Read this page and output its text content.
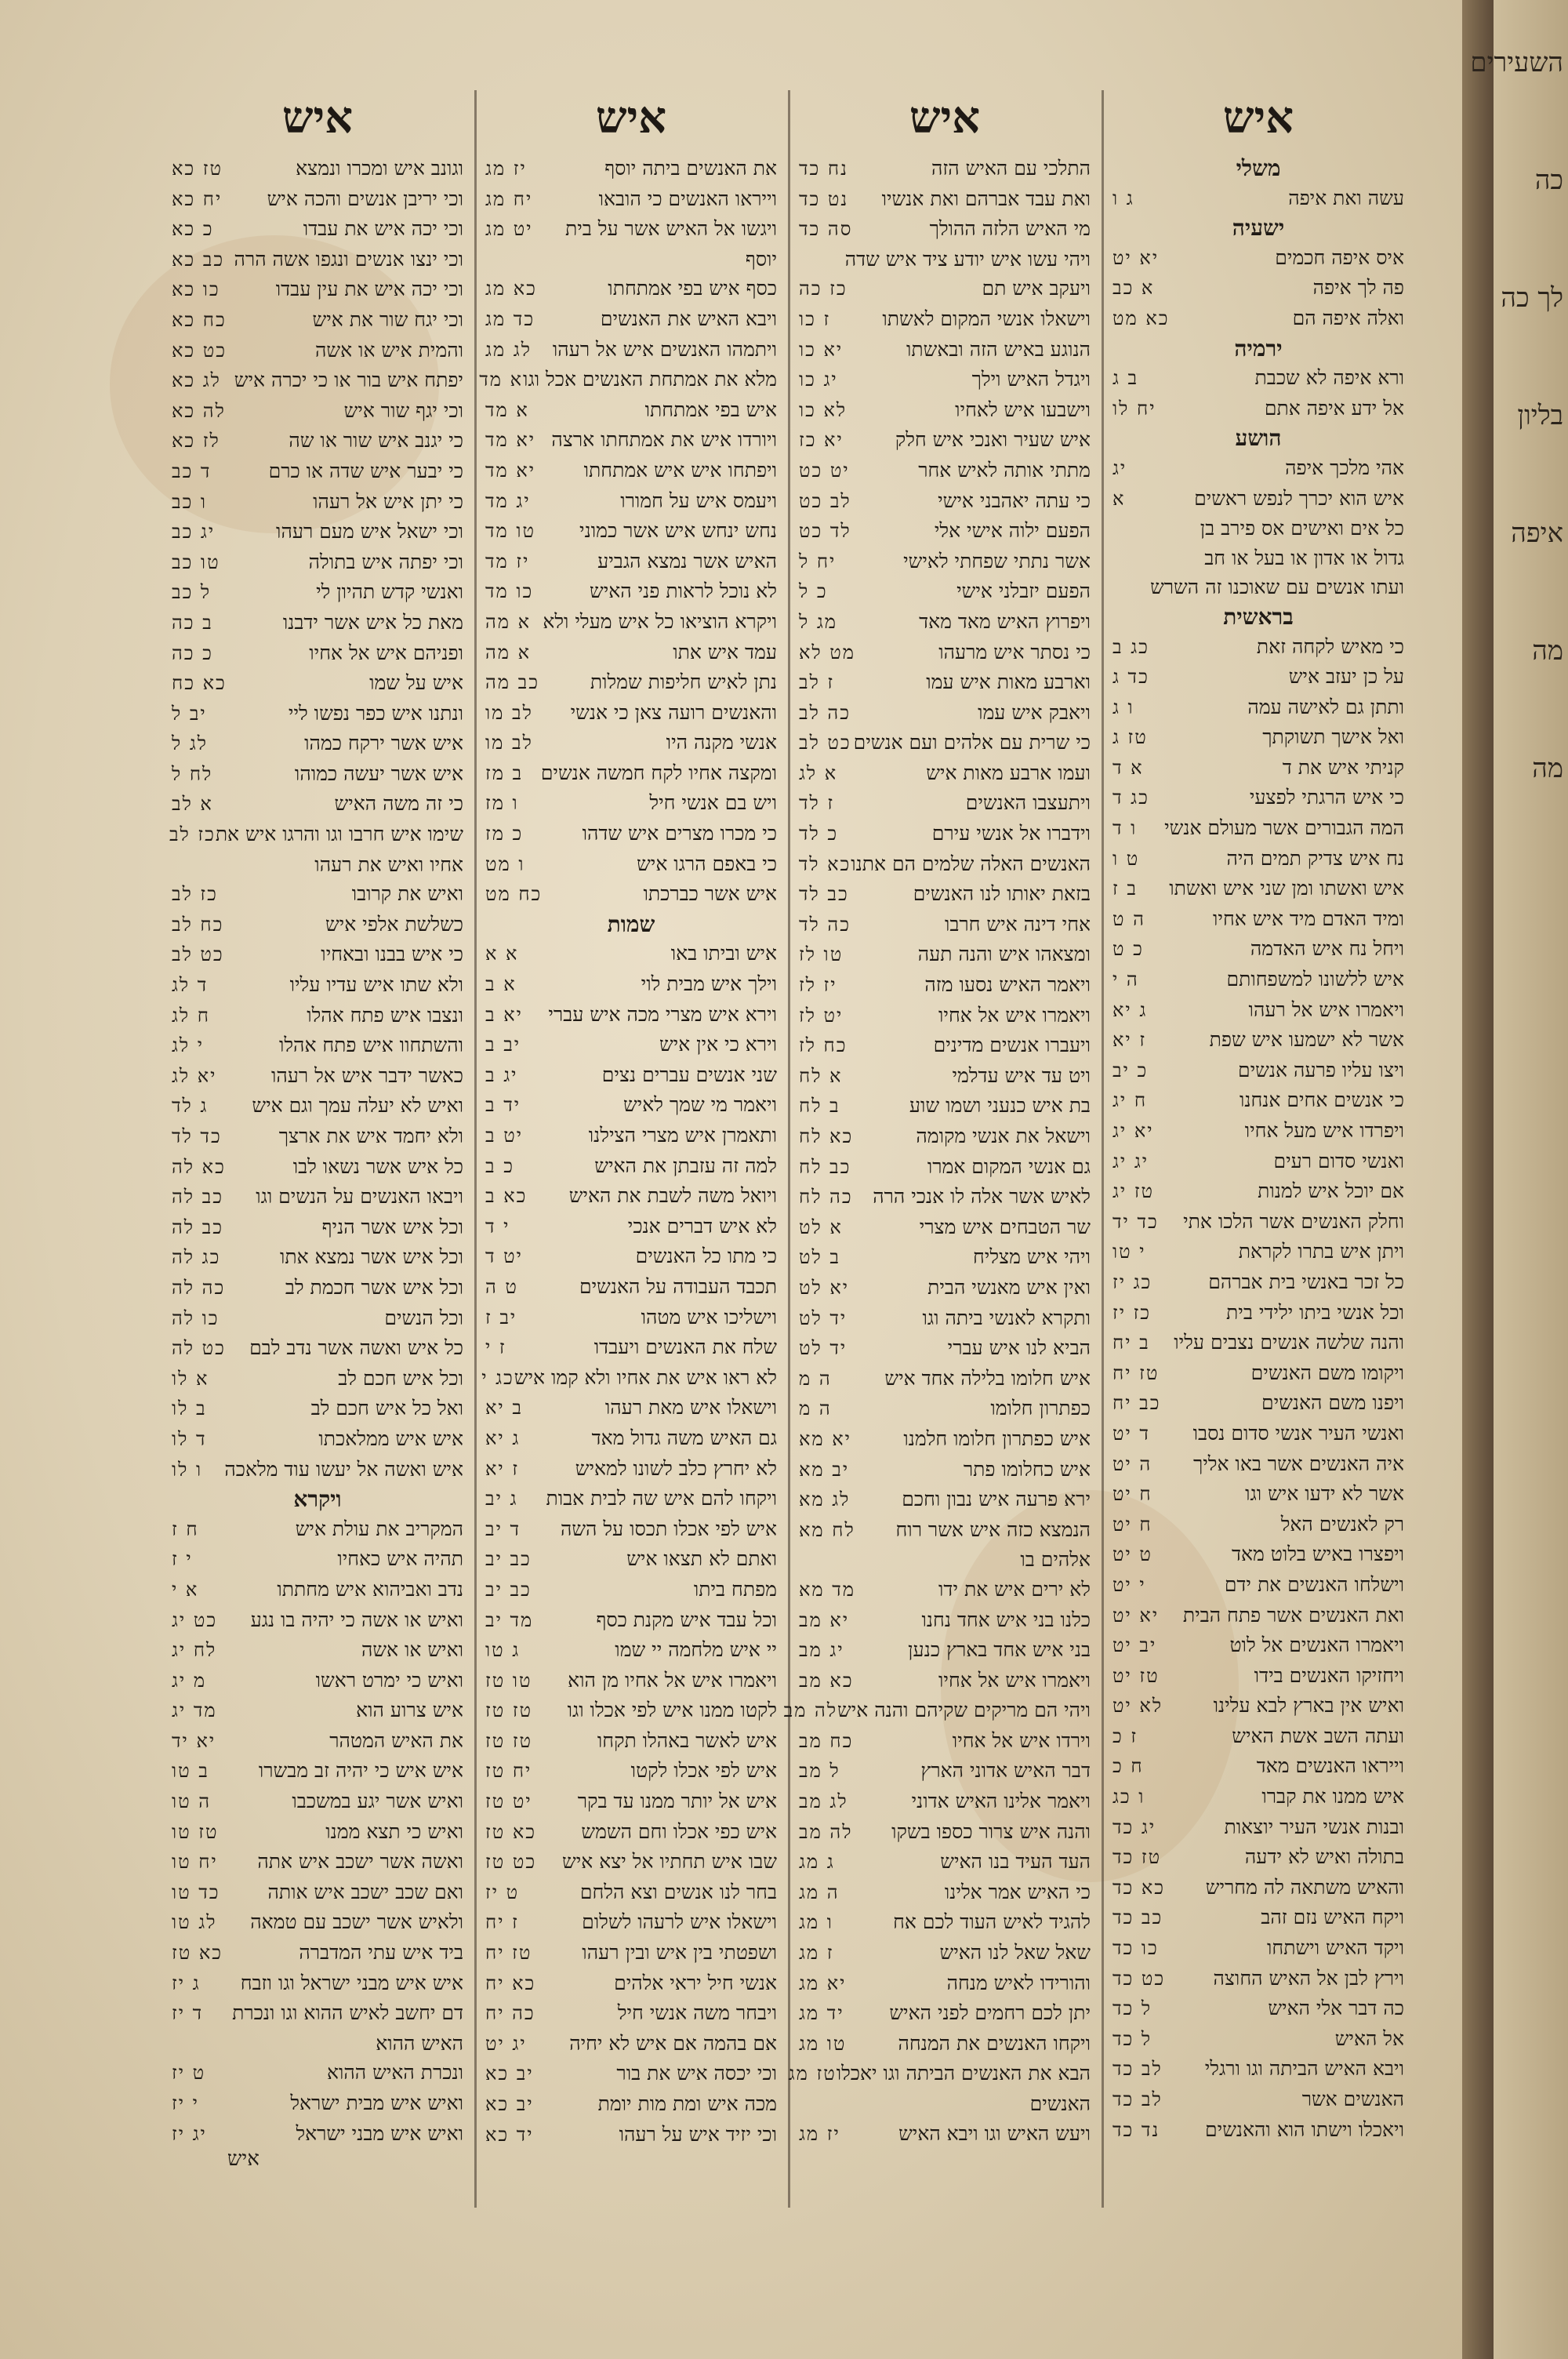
איש
משלי
עשה ואת איפה
ג ו
ישעיה
איס איפה חכמים
יא יט
פה לך איפה
א כב
ואלה איפה הם
כא מט
ירמיה
ורא איפה לא שכבת
ב ג
אל ידע איפה אתם
יח לו
הושע
אהי מלכך איפה
יג
איש הוא יכרך לנפש ראשים
א
כל אים ואישים אס פירב בן
גדול או אדון או בעל או חב
ועתו אנשים עם שאוכנו זה השרש
בראשית
כי מאיש לקחה זאת
כג ב
על כן יעזב איש
כד ג
ותתן גם לאישה עמה
ו ג
ואל אישך תשוקתך
טז ג
קניתי איש את ד
א ד
כי איש הרגתי לפצעי
כג ד
המה הגבורים אשר מעולם אנשי
ו ד
נח איש צדיק תמים היה
ט ו
איש ואשתו ומן שני איש ואשתו
ב ז
ומיד האדם מיד איש אחיו
ה ט
ויחל נח איש האדמה
כ ט
איש ללשונו למשפחותם
ה י
ויאמרו איש אל רעהו
ג יא
אשר לא ישמעו איש שפת
ז יא
ויצו עליו פרעה אנשים
כ יב
כי אנשים אחים אנחנו
ח יג
ויפרדו איש מעל אחיו
יא יג
ואנשי סדום רעים
יג יג
אם יוכל איש למנות
טז יג
וחלק האנשים אשר הלכו אתי
כד יד
ויתן איש בתרו לקראת
י טו
כל זכר באנשי בית אברהם
כג יז
וכל אנשי ביתו ילידי בית
כז יז
והנה שלשה אנשים נצבים עליו
ב יח
ויקומו משם האנשים
טז יח
ויפנו משם האנשים
כב יח
ואנשי העיר אנשי סדום נסבו
ד יט
איה האנשים אשר באו אליך
ה יט
אשר לא ידעו איש וגו
ח יט
רק לאנשים האל
ח יט
ויפצרו באיש בלוט מאד
ט יט
וישלחו האנשים את ידם
י יט
ואת האנשים אשר פתח הבית
יא יט
ויאמרו האנשים אל לוט
יב יט
ויחזיקו האנשים בידו
טז יט
ואיש אין בארץ לבא עלינו
לא יט
ועתה השב אשת האיש
ז כ
וייראו האנשים מאד
ח כ
איש ממנו את קברו
ו כג
ובנות אנשי העיר יוצאות
יג כד
בתולה ואיש לא ידעה
טז כד
והאיש משתאה לה מחריש
כא כד
ויקח האיש נזם זהב
כב כד
ויקד האיש וישתחו
כו כד
וירץ לבן אל האיש החוצה
כט כד
כה דבר אלי האיש
ל כד
אל האיש
ל כד
ויבא האיש הביתה וגו ורגלי
לב כד
האנשים אשר
לב כד
ויאכלו וישתו הוא והאנשים
נד כד
איש
התלכי עם האיש הזה
נח כד
ואת עבד אברהם ואת אנשיו
נט כד
מי האיש הלזה ההולך
סה כד
ויהי עשו איש יודע ציד איש שדה
ויעקב איש תם
כז כה
וישאלו אנשי המקום לאשתו
ז כו
הנוגע באיש הזה ובאשתו
יא כו
ויגדל האיש וילך
יג כו
וישבעו איש לאחיו
לא כו
איש שעיר ואנכי איש חלק
יא כז
מתתי אותה לאיש אחר
יט כט
כי עתה יאהבני אישי
לב כט
הפעם ילוה אישי אלי
לד כט
אשר נתתי שפחתי לאישי
יח ל
הפעם יזבלני אישי
כ ל
ויפרוץ האיש מאד מאד
מג ל
כי נסתר איש מרעהו
מט לא
וארבע מאות איש עמו
ז לב
ויאבק איש עמו
כה לב
כי שרית עם אלהים ועם אנשים
כט לב
ועמו ארבע מאות איש
א לג
ויתעצבו האנשים
ז לד
וידברו אל אנשי עירם
כ לד
האנשים האלה שלמים הם אתנו
כא לד
בזאת יאותו לנו האנשים
כב לד
אחי דינה איש חרבו
כה לד
ומצאהו איש והנה תעה
טו לז
ויאמר האיש נסעו מזה
יז לז
ויאמרו איש אל אחיו
יט לז
ויעברו אנשים מדינים
כח לז
ויט עד איש עדלמי
א לח
בת איש כנעני ושמו שוע
ב לח
וישאל את אנשי מקומה
כא לח
גם אנשי המקום אמרו
כב לח
לאיש אשר אלה לו אנכי הרה
כה לח
שר הטבחים איש מצרי
א לט
ויהי איש מצליח
ב לט
ואין איש מאנשי הבית
יא לט
ותקרא לאנשי ביתה וגו
יד לט
הביא לנו איש עברי
יד לט
איש חלומו בלילה אחד איש
ה מ
כפתרון חלומו
ה מ
איש כפתרון חלומו חלמנו
יא מא
איש כחלומו פתר
יב מא
ירא פרעה איש נבון וחכם
לג מא
הנמצא כזה איש אשר רוח
לח מא
אלהים בו
לא ירים איש את ידו
מד מא
כלנו בני איש אחד נחנו
יא מב
בני איש אחד בארץ כנען
יג מב
ויאמרו איש אל אחיו
כא מב
ויהי הם מריקים שקיהם והנה איש
לה מב
וירדו איש אל אחיו
כח מב
דבר האיש אדוני הארץ
ל מב
ויאמר אלינו האיש אדוני
לג מב
והנה איש צרור כספו בשקו
לה מב
העד העיד בנו האיש
ג מג
כי האיש אמר אלינו
ה מג
להגיד לאיש העוד לכם אח
ו מג
שאל שאל לנו האיש
ז מג
והורידו לאיש מנחה
יא מג
יתן לכם רחמים לפני האיש
יד מג
ויקחו האנשים את המנחה
טו מג
הבא את האנשים הביתה וגו יאכלו
טז מג
האנשים
ויעש האיש וגו ויבא האיש
יז מג
איש
את האנשים ביתה יוסף
יז מג
וייראו האנשים כי הובאו
יח מג
ויגשו אל האיש אשר על בית
יט מג
יוסף
כסף איש בפי אמתחתו
כא מג
ויבא האיש את האנשים
כד מג
ויתמהו האנשים איש אל רעהו
לג מג
מלא את אמתחת האנשים אכל וגו
א מד
איש בפי אמתחתו
א מד
ויורדו איש את אמתחתו ארצה
יא מד
ויפתחו איש איש אמתחתו
יא מד
ויעמס איש על חמורו
יג מד
נחש ינחש איש אשר כמוני
טו מד
האיש אשר נמצא הגביע
יז מד
לא נוכל לראות פני האיש
כו מד
ויקרא הוציאו כל איש מעלי ולא
א מה
עמד איש אתו
א מה
נתן לאיש חליפות שמלות
כב מה
והאנשים רועה צאן כי אנשי
לב מו
אנשי מקנה היו
לב מו
ומקצה אחיו לקח חמשה אנשים
ב מז
ויש בם אנשי חיל
ו מז
כי מכרו מצרים איש שדהו
כ מז
כי באפם הרגו איש
ו מט
איש אשר כברכתו
כח מט
שמות
איש וביתו באו
א א
וילך איש מבית לוי
א ב
וירא איש מצרי מכה איש עברי
יא ב
וירא כי אין איש
יב ב
שני אנשים עברים נצים
יג ב
ויאמר מי שמך לאיש
יד ב
ותאמרן איש מצרי הצילנו
יט ב
למה זה עזבתן את האיש
כ ב
ויואל משה לשבת את האיש
כא ב
לא איש דברים אנכי
י ד
כי מתו כל האנשים
יט ד
תכבד העבודה על האנשים
ט ה
וישליכו איש מטהו
יב ז
שלח את האנשים ויעבדו
ז י
לא ראו איש את אחיו ולא קמו איש
כג י
וישאלו איש מאת רעהו
ב יא
גם האיש משה גדול מאד
ג יא
לא יחרץ כלב לשונו למאיש
ז יא
ויקחו להם איש שה לבית אבות
ג יב
איש לפי אכלו תכסו על השה
ד יב
ואתם לא תצאו איש
כב יב
מפתח ביתו
כב יב
וכל עבד איש מקנת כסף
מד יב
יי איש מלחמה יי שמו
ג טו
ויאמרו איש אל אחיו מן הוא
טו טז
לקטו ממנו איש לפי אכלו וגו
טז טז
איש לאשר באהלו תקחו
טז טז
איש לפי אכלו לקטו
יח טז
איש אל יותר ממנו עד בקר
יט טז
איש כפי אכלו וחם השמש
כא טז
שבו איש תחתיו אל יצא איש
כט טז
בחר לנו אנשים וצא הלחם
ט יז
וישאלו איש לרעהו לשלום
ז יח
ושפטתי בין איש ובין רעהו
טז יח
אנשי חיל יראי אלהים
כא יח
ויבחר משה אנשי חיל
כה יח
אם בהמה אם איש לא יחיה
יג יט
וכי יכסה איש את בור
יב כא
מכה איש ומת מות יומת
יב כא
וכי יזיד איש על רעהו
יד כא
איש
וגונב איש ומכרו ונמצא
טז כא
וכי יריבן אנשים והכה איש
יח כא
וכי יכה איש את עבדו
כ כא
וכי ינצו אנשים ונגפו אשה הרה
כב כא
וכי יכה איש את עין עבדו
כו כא
וכי יגח שור את איש
כח כא
והמית איש או אשה
כט כא
יפתח איש בור או כי יכרה איש
לג כא
וכי יגף שור איש
לה כא
כי יגנב איש שור או שה
לז כא
כי יבער איש שדה או כרם
ד כב
כי יתן איש אל רעהו
ו כב
וכי ישאל איש מעם רעהו
יג כב
וכי יפתה איש בתולה
טו כב
ואנשי קדש תהיון לי
ל כב
מאת כל איש אשר ידבנו
ב כה
ופניהם איש אל אחיו
כ כה
איש על שמו
כא כח
ונתנו איש כפר נפשו ליי
יב ל
איש אשר ירקח כמהו
לג ל
איש אשר יעשה כמוהו
לח ל
כי זה משה האיש
א לב
שימו איש חרבו וגו והרגו איש את
כז לב
אחיו ואיש את רעהו
ואיש את קרובו
כז לב
כשלשת אלפי איש
כח לב
כי איש בבנו ובאחיו
כט לב
ולא שתו איש עדיו עליו
ד לג
ונצבו איש פתח אהלו
ח לג
והשתחוו איש פתח אהלו
י לג
כאשר ידבר איש אל רעהו
יא לג
ואיש לא יעלה עמך וגם איש
ג לד
ולא יחמד איש את ארצך
כד לד
כל איש אשר נשאו לבו
כא לה
ויבאו האנשים על הנשים וגו
כב לה
וכל איש אשר הניף
כב לה
וכל איש אשר נמצא אתו
כג לה
וכל איש אשר חכמת לב
כה לה
וכל הנשים
כו לה
כל איש ואשה אשר נדב לבם
כט לה
וכל איש חכם לב
א לו
ואל כל איש חכם לב
ב לו
איש איש ממלאכתו
ד לו
איש ואשה אל יעשו עוד מלאכה
ו לו
ויקרא
המקריב את עולת איש
ח ז
תהיה איש כאחיו
י ז
נדב ואביהוא איש מחתתו
א י
ואיש או אשה כי יהיה בו נגע
כט יג
ואיש או אשה
לח יג
ואיש כי ימרט ראשו
מ יג
איש צרוע הוא
מד יג
את האיש המטהר
יא יד
איש איש כי יהיה זב מבשרו
ב טו
ואיש אשר יגע במשכבו
ה טו
ואיש כי תצא ממנו
טז טו
ואשה אשר ישכב איש אתה
יח טו
ואם שכב ישכב איש אותה
כד טו
ולאיש אשר ישכב עם טמאה
לג טו
ביד איש עתי המדברה
כא טז
איש איש מבני ישראל וגו וזבח
ג יז
דם יחשב לאיש ההוא וגו ונכרת
ד יז
האיש ההוא
ונכרת האיש ההוא
ט יז
ואיש איש מבית ישראל
י יז
ואיש איש מבני ישראל
יג יז
איש
השעירים
כה
לך כה
בליון
איפה
מה
מה
